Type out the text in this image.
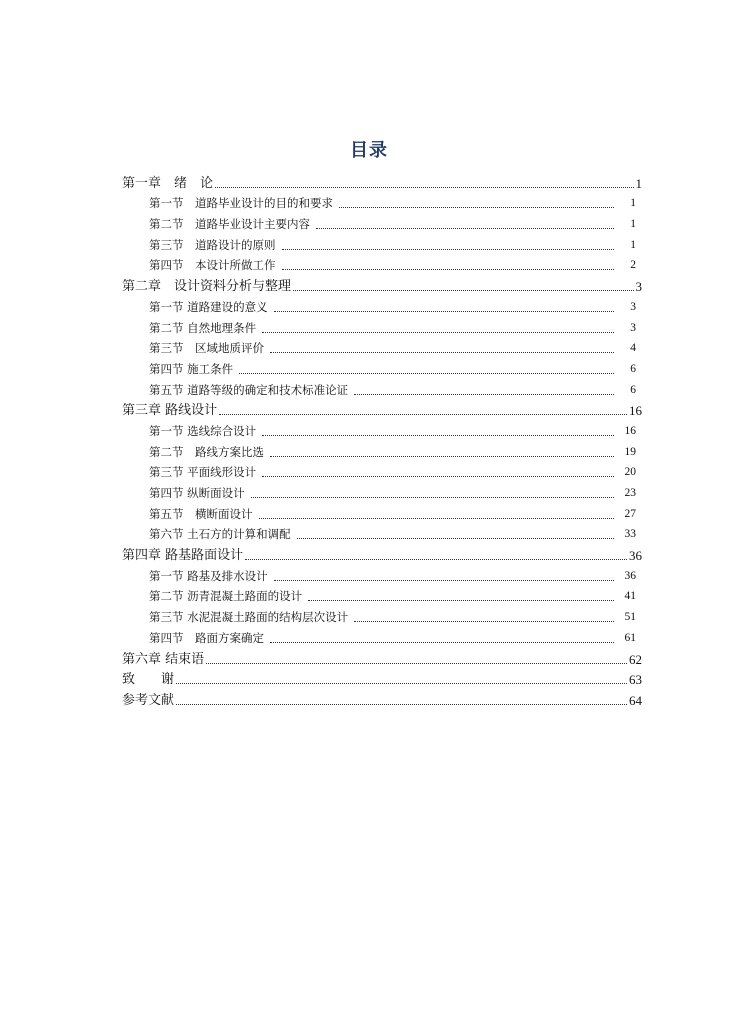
目录
第一章　绪　论	1
第一节　道路毕业设计的目的和要求	1
第二节　道路毕业设计主要内容	1
第三节　道路设计的原则	1
第四节　本设计所做工作	2
第二章　设计资料分析与整理	3
第一节 道路建设的意义	3
第二节 自然地理条件	3
第三节　区域地质评价	4
第四节 施工条件	6
第五节 道路等级的确定和技术标准论证	6
第三章 路线设计	16
第一节 选线综合设计	16
第二节　路线方案比选	19
第三节 平面线形设计	20
第四节 纵断面设计	23
第五节　横断面设计	27
第六节 土石方的计算和调配	33
第四章 路基路面设计	36
第一节 路基及排水设计	36
第二节 沥青混凝土路面的设计	41
第三节 水泥混凝土路面的结构层次设计	51
第四节　路面方案确定	61
第六章 结束语	62
致　　谢	63
参考文献	64
